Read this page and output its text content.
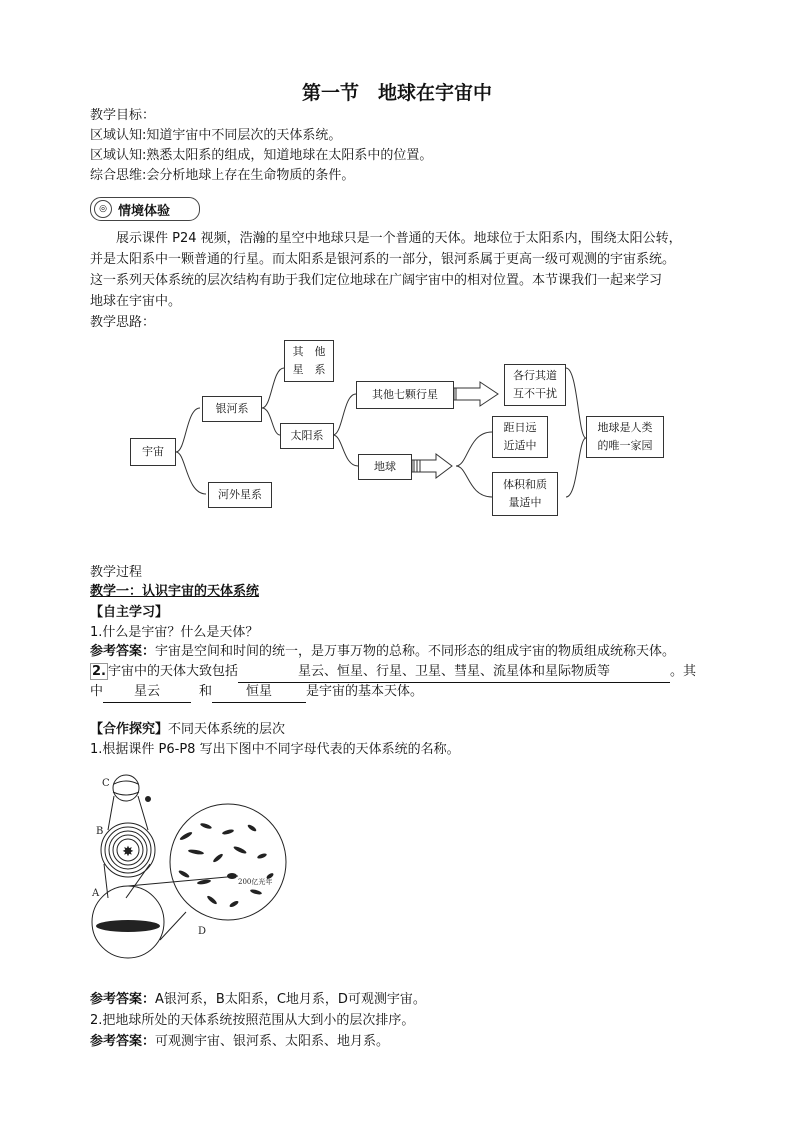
第一节　地球在宇宙中
教学目标：
区域认知:知道宇宙中不同层次的天体系统。
区域认知:熟悉太阳系的组成，知道地球在太阳系中的位置。
综合思维:会分析地球上存在生命物质的条件。
◎ 情境体验
　　展示课件 P24 视频，浩瀚的星空中地球只是一个普通的天体。地球位于太阳系内，围绕太阳公转，
并是太阳系中一颗普通的行星。而太阳系是银河系的一部分，银河系属于更高一级可观测的宇宙系统。
这一系列天体系统的层次结构有助于我们定位地球在广阔宇宙中的相对位置。本节课我们一起来学习
地球在宇宙中。
教学思路：
宇宙
银河系
河外星系
其　他 星　系
太阳系
其他七颗行星
地球
各行其道 互不干扰
距日远 近适中
体积和质 量适中
地球是人类 的唯一家园
教学过程
教学一：认识宇宙的天体系统
【自主学习】
1.什么是宇宙？什么是天体？
参考答案：宇宙是空间和时间的统一，是万事万物的总称。不同形态的组成宇宙的物质组成统称天体。
2. 宇宙中的天体大致包括	星云、恒星、行星、卫星、彗星、流星体和星际物质等	。其
中 星云	和	恒星	是宇宙的基本天体。
【合作探究】不同天体系统的层次
1.根据课件 P6-P8 写出下图中不同字母代表的天体系统的名称。
✸
C
B
A
D
200亿光年
参考答案：A银河系，B太阳系，C地月系，D可观测宇宙。
2.把地球所处的天体系统按照范围从大到小的层次排序。
参考答案：可观测宇宙、银河系、太阳系、地月系。
